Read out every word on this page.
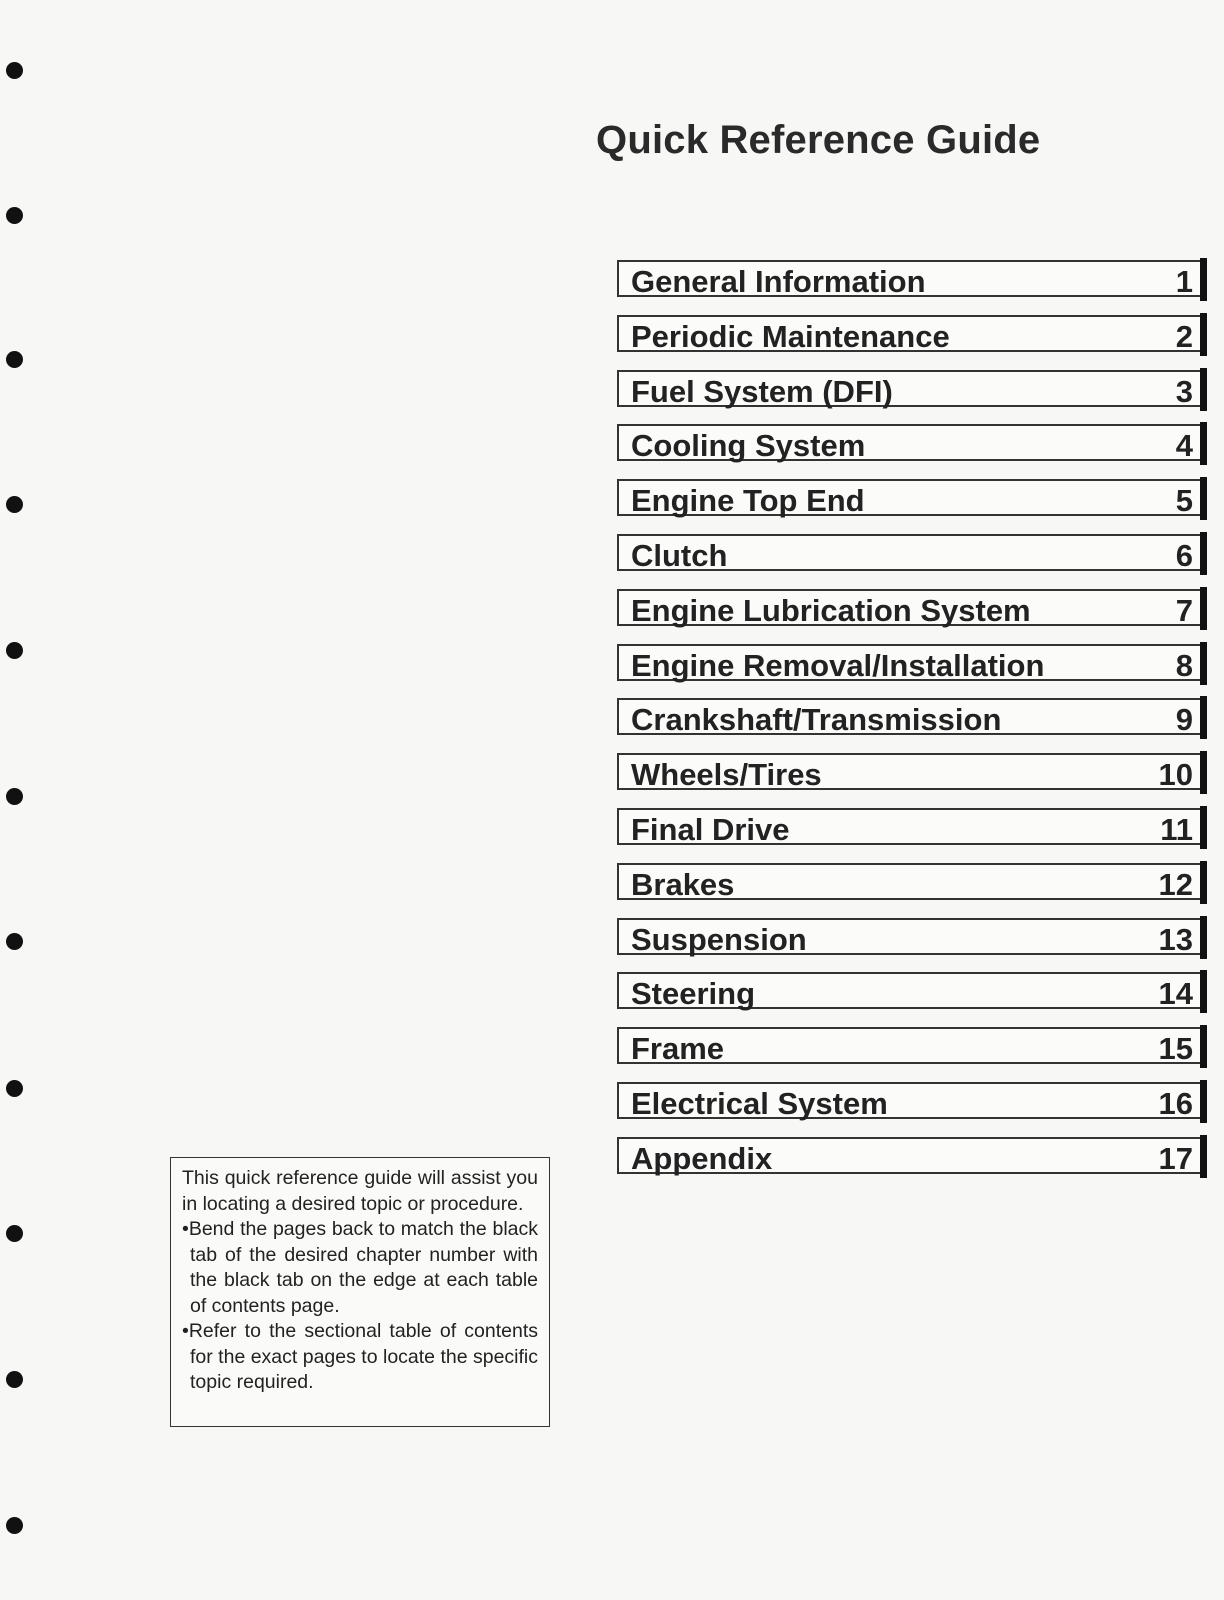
Quick Reference Guide
General Information	1
Periodic Maintenance	2
Fuel System (DFI)	3
Cooling System	4
Engine Top End	5
Clutch	6
Engine Lubrication System	7
Engine Removal/Installation	8
Crankshaft/Transmission	9
Wheels/Tires	10
Final Drive	11
Brakes	12
Suspension	13
Steering	14
Frame	15
Electrical System	16
Appendix	17

This quick reference guide will assist you in locating a desired topic or procedure.

•Bend the pages back to match the black tab of the desired chapter number with the black tab on the edge at each table of contents page.

•Refer to the sectional table of contents for the exact pages to locate the specific topic required.
